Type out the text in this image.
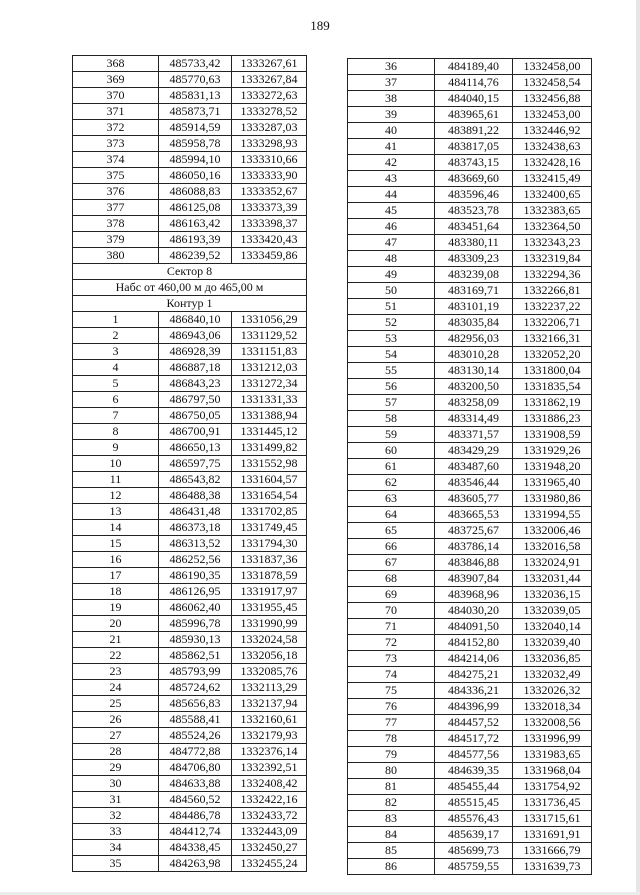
189
368	485733,42	1333267,61
369	485770,63	1333267,84
370	485831,13	1333272,63
371	485873,71	1333278,52
372	485914,59	1333287,03
373	485958,78	1333298,93
374	485994,10	1333310,66
375	486050,16	1333333,90
376	486088,83	1333352,67
377	486125,08	1333373,39
378	486163,42	1333398,37
379	486193,39	1333420,43
380	486239,52	1333459,86
Сектор 8		
Набс от 460,00 м до 465,00 м		
Контур 1		
1	486840,10	1331056,29
2	486943,06	1331129,52
3	486928,39	1331151,83
4	486887,18	1331212,03
5	486843,23	1331272,34
6	486797,50	1331331,33
7	486750,05	1331388,94
8	486700,91	1331445,12
9	486650,13	1331499,82
10	486597,75	1331552,98
11	486543,82	1331604,57
12	486488,38	1331654,54
13	486431,48	1331702,85
14	486373,18	1331749,45
15	486313,52	1331794,30
16	486252,56	1331837,36
17	486190,35	1331878,59
18	486126,95	1331917,97
19	486062,40	1331955,45
20	485996,78	1331990,99
21	485930,13	1332024,58
22	485862,51	1332056,18
23	485793,99	1332085,76
24	485724,62	1332113,29
25	485656,83	1332137,94
26	485588,41	1332160,61
27	485524,26	1332179,93
28	484772,88	1332376,14
29	484706,80	1332392,51
30	484633,88	1332408,42
31	484560,52	1332422,16
32	484486,78	1332433,72
33	484412,74	1332443,09
34	484338,45	1332450,27
35	484263,98	1332455,24
36	484189,40	1332458,00
37	484114,76	1332458,54
38	484040,15	1332456,88
39	483965,61	1332453,00
40	483891,22	1332446,92
41	483817,05	1332438,63
42	483743,15	1332428,16
43	483669,60	1332415,49
44	483596,46	1332400,65
45	483523,78	1332383,65
46	483451,64	1332364,50
47	483380,11	1332343,23
48	483309,23	1332319,84
49	483239,08	1332294,36
50	483169,71	1332266,81
51	483101,19	1332237,22
52	483035,84	1332206,71
53	482956,03	1332166,31
54	483010,28	1332052,20
55	483130,14	1331800,04
56	483200,50	1331835,54
57	483258,09	1331862,19
58	483314,49	1331886,23
59	483371,57	1331908,59
60	483429,29	1331929,26
61	483487,60	1331948,20
62	483546,44	1331965,40
63	483605,77	1331980,86
64	483665,53	1331994,55
65	483725,67	1332006,46
66	483786,14	1332016,58
67	483846,88	1332024,91
68	483907,84	1332031,44
69	483968,96	1332036,15
70	484030,20	1332039,05
71	484091,50	1332040,14
72	484152,80	1332039,40
73	484214,06	1332036,85
74	484275,21	1332032,49
75	484336,21	1332026,32
76	484396,99	1332018,34
77	484457,52	1332008,56
78	484517,72	1331996,99
79	484577,56	1331983,65
80	484639,35	1331968,04
81	485455,44	1331754,92
82	485515,45	1331736,45
83	485576,43	1331715,61
84	485639,17	1331691,91
85	485699,73	1331666,79
86	485759,55	1331639,73
